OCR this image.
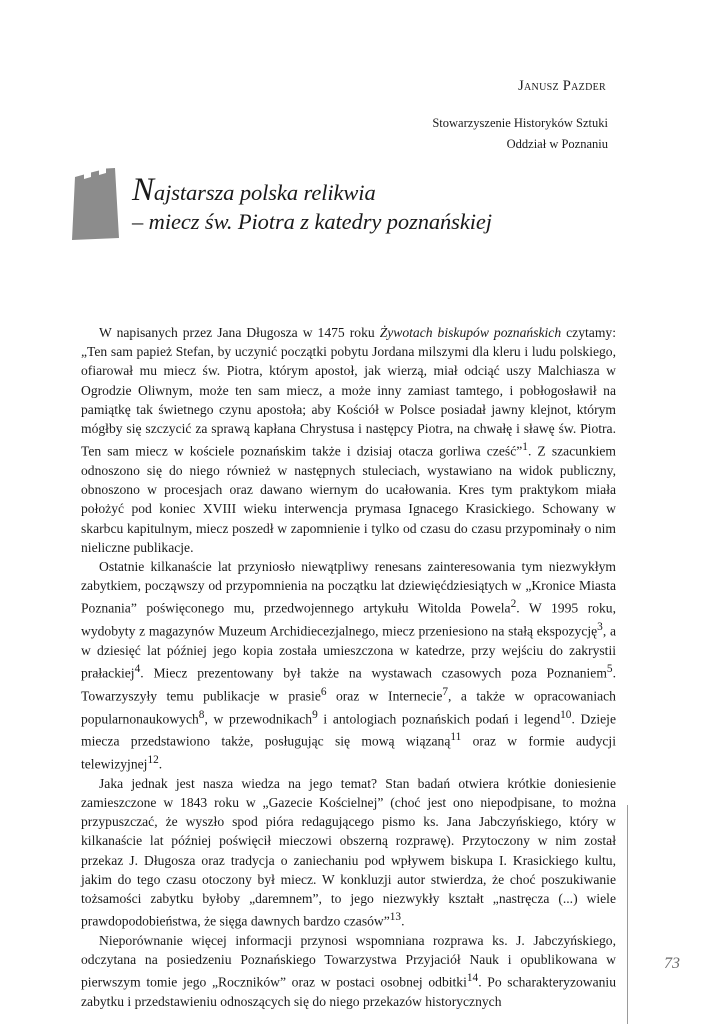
Janusz Pazder
Stowarzyszenie Historyków Sztuki
Oddział w Poznaniu
Najstarsza polska relikwia
– miecz św. Piotra z katedry poznańskiej

W napisanych przez Jana Długosza w 1475 roku Żywotach biskupów poznańskich czytamy: „Ten sam papież Stefan, by uczynić początki pobytu Jordana milszymi dla kleru i ludu polskiego, ofiarował mu miecz św. Piotra, którym apostoł, jak wierzą, miał odciąć uszy Malchiasza w Ogrodzie Oliwnym, może ten sam miecz, a może inny zamiast tamtego, i pobłogosławił na pamiątkę tak świetnego czynu apostoła; aby Kościół w Polsce posiadał jawny klejnot, którym mógłby się szczycić za sprawą kapłana Chrystusa i następcy Piotra, na chwałę i sławę św. Piotra. Ten sam miecz w kościele poznańskim także i dzisiaj otacza gorliwa cześć”$^1$. Z szacunkiem odnoszono się do niego również w następnych stuleciach, wystawiano na widok publiczny, obnoszono w procesjach oraz dawano wiernym do ucałowania. Kres tym praktykom miała położyć pod koniec XVIII wieku interwencja prymasa Ignacego Krasickiego. Schowany w skarbcu kapitulnym, miecz poszedł w zapomnienie i tylko od czasu do czasu przypominały o nim nieliczne publikacje.

Ostatnie kilkanaście lat przyniosło niewątpliwy renesans zainteresowania tym niezwykłym zabytkiem, począwszy od przypomnienia na początku lat dziewięćdziesiątych w „Kronice Miasta Poznania” poświęconego mu, przedwojennego artykułu Witolda Powela$^2$. W 1995 roku, wydobyty z magazynów Muzeum Archidiecezjalnego, miecz przeniesiono na stałą ekspozycję$^3$, a w dziesięć lat później jego kopia została umieszczona w katedrze, przy wejściu do zakrystii prałackiej$^4$. Miecz prezentowany był także na wystawach czasowych poza Poznaniem$^5$. Towarzyszyły temu publikacje w prasie$^6$ oraz w Internecie$^7$, a także w opracowaniach popularnonaukowych$^8$, w przewodnikach$^9$ i antologiach poznańskich podań i legend$^{10}$. Dzieje miecza przedstawiono także, posługując się mową wiązaną$^{11}$ oraz w formie audycji telewizyjnej$^{12}$.

Jaka jednak jest nasza wiedza na jego temat? Stan badań otwiera krótkie doniesienie zamieszczone w 1843 roku w „Gazecie Kościelnej” (choć jest ono niepodpisane, to można przypuszczać, że wyszło spod pióra redagującego pismo ks. Jana Jabczyńskiego, który w kilkanaście lat później poświęcił mieczowi obszerną rozprawę). Przytoczony w nim został przekaz J. Długosza oraz tradycja o zaniechaniu pod wpływem biskupa I. Krasickiego kultu, jakim do tego czasu otoczony był miecz. W konkluzji autor stwierdza, że choć poszukiwanie tożsamości zabytku byłoby „daremnem”, to jego niezwykły kształt „nastręcza (...) wiele prawdopodobieństwa, że sięga dawnych bardzo czasów”$^{13}$.

Nieporównanie więcej informacji przynosi wspomniana rozprawa ks. J. Jabczyńskiego, odczytana na posiedzeniu Poznańskiego Towarzystwa Przyjaciół Nauk i opublikowana w pierwszym tomie jego „Roczników” oraz w postaci osobnej odbitki$^{14}$. Po scharakteryzowaniu zabytku i przedstawieniu odnoszących się do niego przekazów historycznych

73
